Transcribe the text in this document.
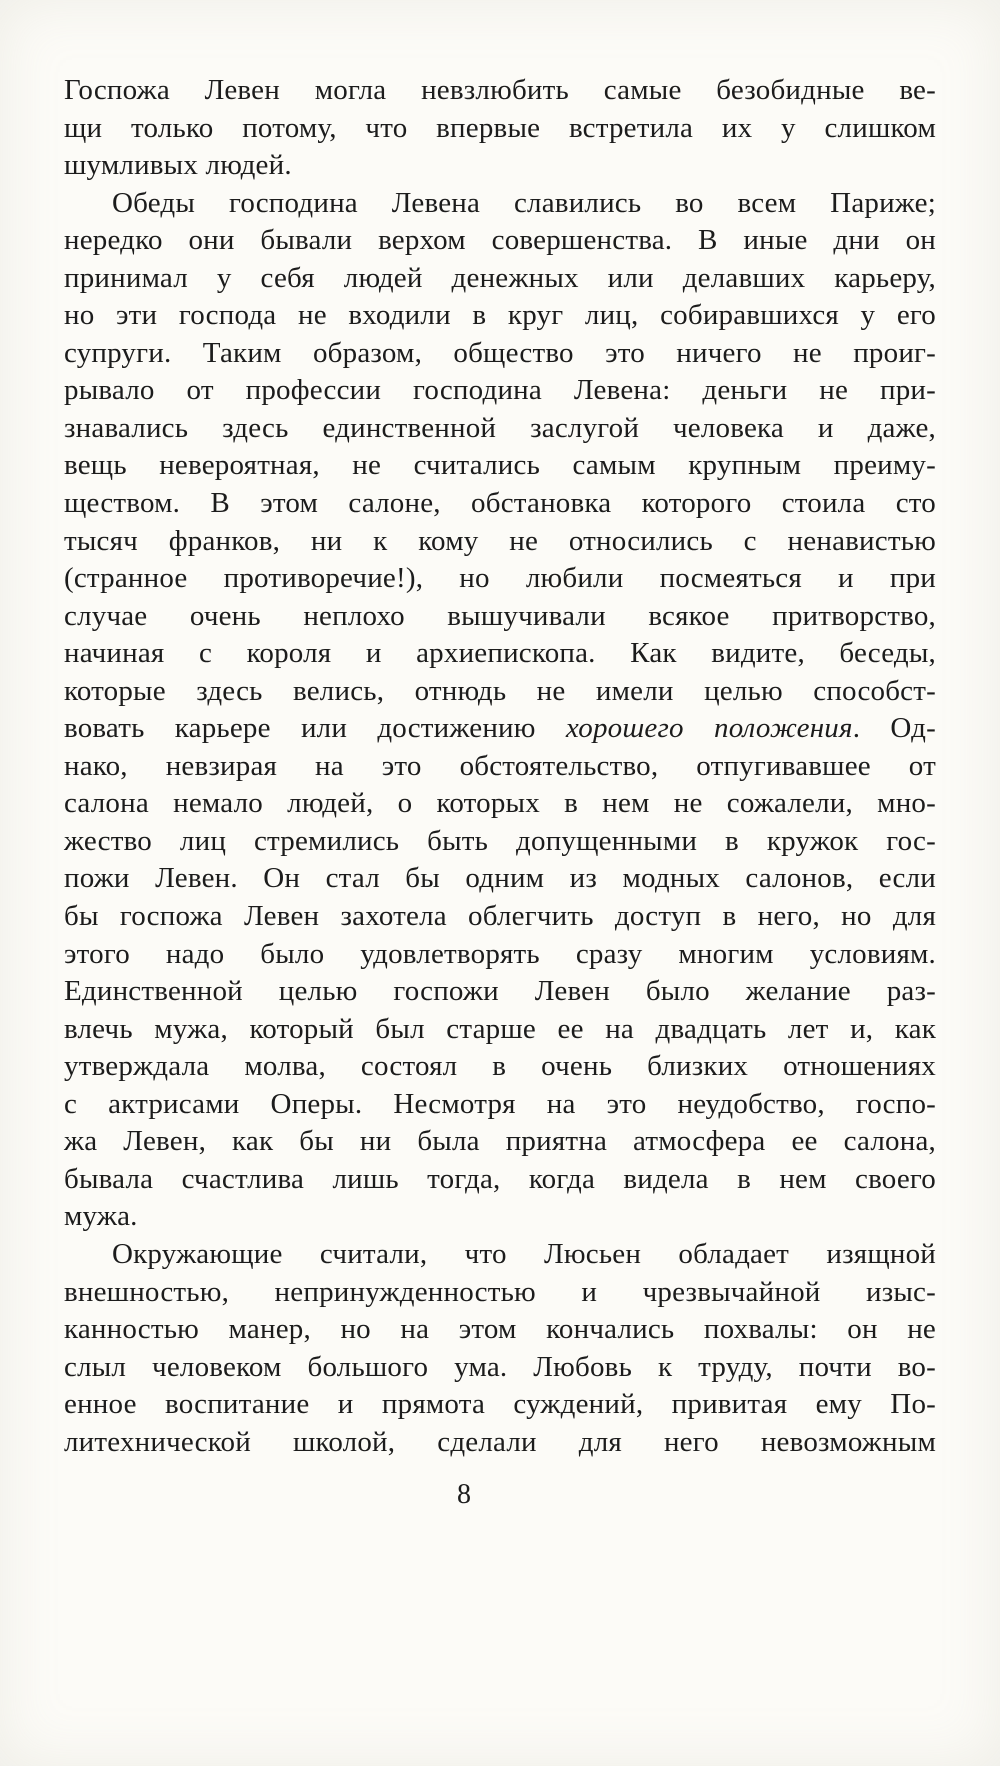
Госпожа Левен могла невзлюбить самые безобидные ве-
щи только потому, что впервые встретила их у слишком
шумливых людей.
Обеды господина Левена славились во всем Париже;
нередко они бывали верхом совершенства. В иные дни он
принимал у себя людей денежных или делавших карьеру,
но эти господа не входили в круг лиц, собиравшихся у его
супруги. Таким образом, общество это ничего не проиг-
рывало от профессии господина Левена: деньги не при-
знавались здесь единственной заслугой человека и даже,
вещь невероятная, не считались самым крупным преиму-
ществом. В этом салоне, обстановка которого стоила сто
тысяч франков, ни к кому не относились с ненавистью
(странное противоречие!), но любили посмеяться и при
случае очень неплохо вышучивали всякое притворство,
начиная с короля и архиепископа. Как видите, беседы,
которые здесь велись, отнюдь не имели целью способст-
вовать карьере или достижению хорошего положения. Од-
нако, невзирая на это обстоятельство, отпугивавшее от
салона немало людей, о которых в нем не сожалели, мно-
жество лиц стремились быть допущенными в кружок гос-
пожи Левен. Он стал бы одним из модных салонов, если
бы госпожа Левен захотела облегчить доступ в него, но для
этого надо было удовлетворять сразу многим условиям.
Единственной целью госпожи Левен было желание раз-
влечь мужа, который был старше ее на двадцать лет и, как
утверждала молва, состоял в очень близких отношениях
с актрисами Оперы. Несмотря на это неудобство, госпо-
жа Левен, как бы ни была приятна атмосфера ее салона,
бывала счастлива лишь тогда, когда видела в нем своего
мужа.
Окружающие считали, что Люсьен обладает изящной
внешностью, непринужденностью и чрезвычайной изыс-
канностью манер, но на этом кончались похвалы: он не
слыл человеком большого ума. Любовь к труду, почти во-
енное воспитание и прямота суждений, привитая ему По-
литехнической школой, сделали для него невозможным
8
